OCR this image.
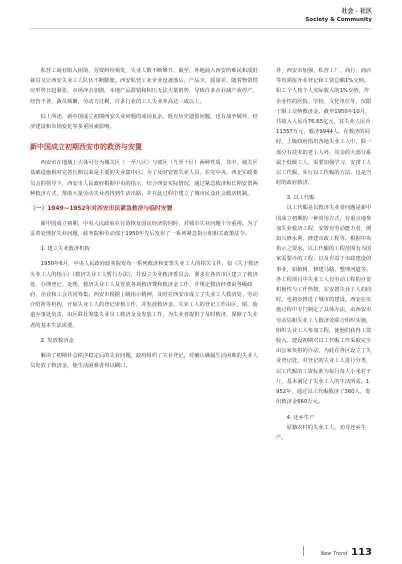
社会 · 社区
Society & Community

私营工商业陷入困境，劳资纠纷频发，失业人数不断攀升。截至，外地涌入西安的难民和成批裁员又让西安失业工人队伍不断膨胀。西安私营工业企业设备落后，产品少，质量差，随着物资供应形势日趋紧张，市场冲击加剧，本地产品滞销和积压无法大量销售，导致许多企业减产或停产，经营不善、裁员频繁，劳动力过剩，许多行业的工人失业率高达三成以上。

综上所述，新中国成立初期西安失业问题的成因复杂，既有历史遗留问题，也有战争破坏、经济建设和市场变化等多重因素影响。

新中国成立初期西安市的救济与安置

西安市在地域上大体可分为城关区（一至八区）与郊区（九至十区）两种性质，其中，城关区基础设施相对完善长期以来是主要的失业集中区。为了及时安置失业人员，在党中央、西北军政委员会的领导下，西安市人民政府根据中央的指示，结合西安实际情况，通过紧急救济和长期安置两种救济方式，帮助大量劳动失业者找到生活出路，并在此过程中建立了城市民众社会救济机制。

（一）1949—1952年对西安市民紧急救济与临时安置

新中国成立初期，中央人民政府在有效恢复国民经济的同时，对城市失业问题十分重视。为了妥善处理好失业问题，政务院和劳动部于1950年先后发布了一系列紧急指示和相关政策法令。

1. 建立失业救济机构

1950年6月，中央人民政府政务院发布一系列救济和安置失业工人的相关文件，如《关于救济失业工人的指示》《救济失业工人暂行办法》，并设立失业救济委员会，要求在各省市区建立了救济处，办理登记、处理、救济失业工人及发放各项救济费和救济金工作，并规定救济经费由各级政府、企业和工会共同筹集。西安市根据上级指示精神，及时在西安市成立了失业工人救济处、劳动介绍所等机构，开展失业工人的登记审核工作，并发放救济金。失业工人的登记工作由区、镇、街道办事处负责，由区联社筹集失业员工救济金及发放工作，为失业者提供了及时救济，保障了失业者的基本生活需要。

2. 发放救济金

解决了初期社会秩序稳定后的失业问题，政府组织了失业登记，对确认确属生活困难的失业人员发放了救济金，使生活困难者得以糊口。

外，西安市加强，私营工厂、商行、商店等均须报开业登记和工资总额1%交纳。职工个人按个人实际收入的1%交纳，作企业性的医院、学校、文化单位等，仅限于职工交纳救济金。截至1950年10月，共收入人民币76.65亿元，其失业人民币11357万元，救济9944人。在救济的同时，上级政府指出各地失业工人中，除一部分有技术的老工人外，其余的大部分系属于低级工人，需要加强学习，安排工人以工代赈，实行以工代赈的方法，这是当时的政府救济。

3. 以工代赈

以工代赈是以救济失业者问题是新中国成立初期的一种常用方式，有重点地参加失业救济工程，安置有劳动能力者，例如兴修水利、修建市政工程等。根据中央指示之要求，以工代赈的工程范围有为国家需要办的工程，以及有益于市政建设的事业，如植树、修建马路、整理河道等。各工程项目中失业工人有劳动工程的自觉积极性与工作热情，在安置失业工人的同时，也初步推进了城市的建设。西安在实施过程中专门制定了具体办法，由西安市劳动局和失业工人救济处联合组织实施，组织失业工人参加工程，使他们获得工资收入。建设初期对以工代赈工作采取完全由公家负担的办法，为此在各区设立了失业登记处，对登记的失业工人进行分类，以工代赈的工资标准为每月每人小米若干斤，基本满足了失业工人的生活所需。1952年，通过以工代赈救济了360人，发出救济金660万元。

4. 还乡生产

原籍农村的失业工人，劝导还乡生产。

New Trend 113
